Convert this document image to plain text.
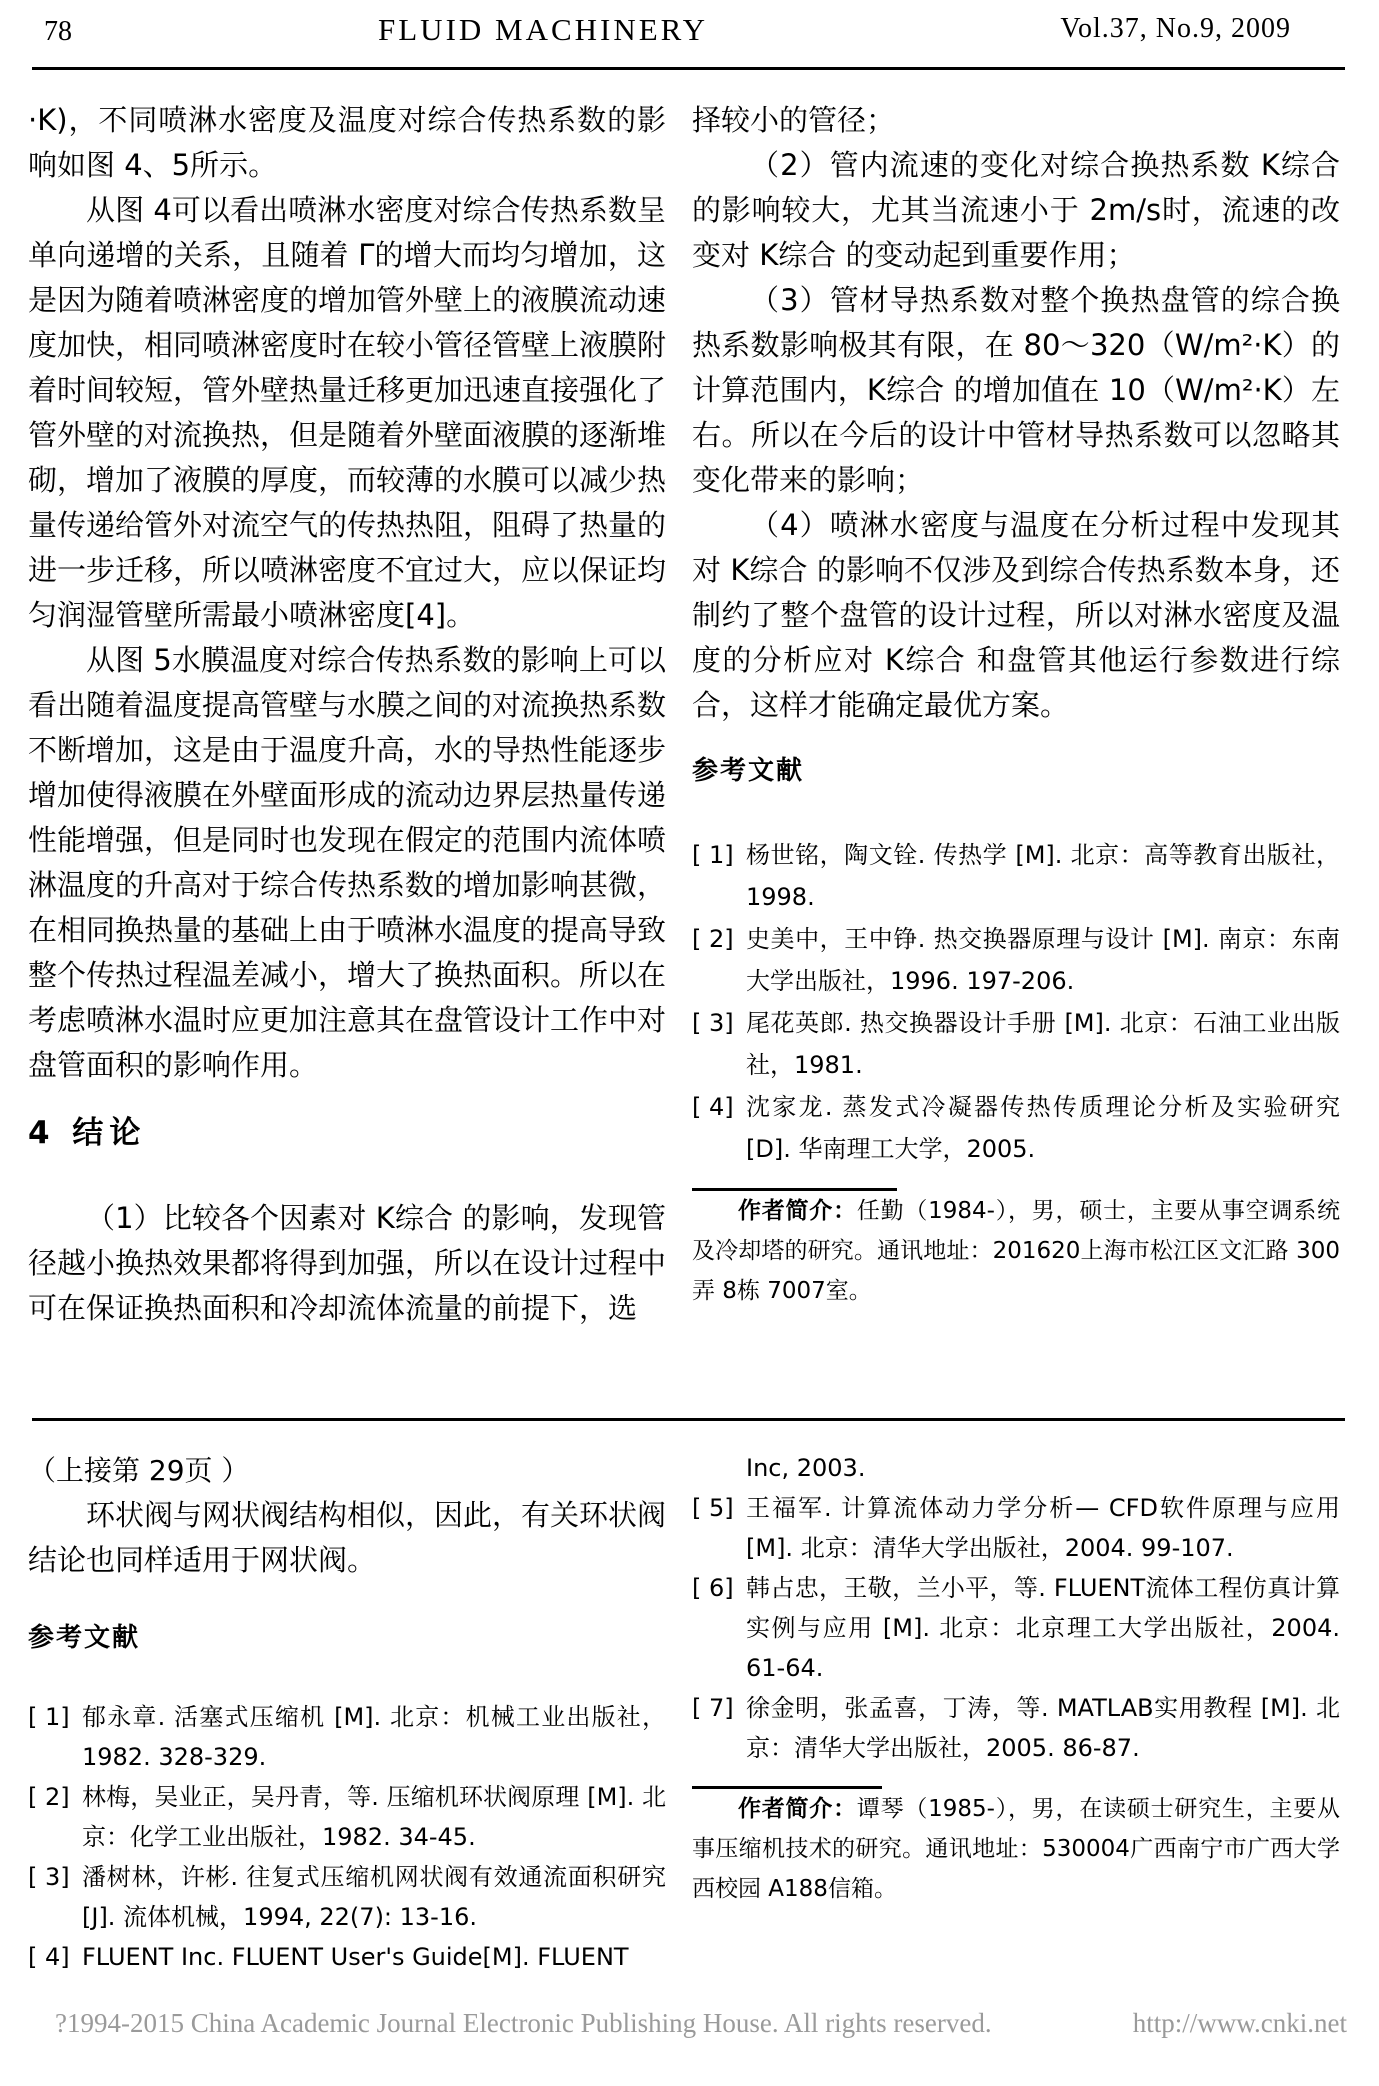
78	FLUID MACHINERY	Vol.37, No.9, 2009

·K)，不同喷淋水密度及温度对综合传热系数的影响如图 4、5所示。

从图 4可以看出喷淋水密度对综合传热系数呈单向递增的关系，且随着 Γ的增大而均匀增加，这是因为随着喷淋密度的增加管外壁上的液膜流动速度加快，相同喷淋密度时在较小管径管壁上液膜附着时间较短，管外壁热量迁移更加迅速直接强化了管外壁的对流换热，但是随着外壁面液膜的逐渐堆砌，增加了液膜的厚度，而较薄的水膜可以减少热量传递给管外对流空气的传热热阻，阻碍了热量的进一步迁移，所以喷淋密度不宜过大，应以保证均匀润湿管壁所需最小喷淋密度[4]。

从图 5水膜温度对综合传热系数的影响上可以看出随着温度提高管壁与水膜之间的对流换热系数不断增加，这是由于温度升高，水的导热性能逐步增加使得液膜在外壁面形成的流动边界层热量传递性能增强，但是同时也发现在假定的范围内流体喷淋温度的升高对于综合传热系数的增加影响甚微，在相同换热量的基础上由于喷淋水温度的提高导致整个传热过程温差减小，增大了换热面积。所以在考虑喷淋水温时应更加注意其在盘管设计工作中对盘管面积的影响作用。

4 结论

（1）比较各个因素对 K综合 的影响，发现管径越小换热效果都将得到加强，所以在设计过程中可在保证换热面积和冷却流体流量的前提下，选

择较小的管径；

（2）管内流速的变化对综合换热系数 K综合 的影响较大，尤其当流速小于 2m/s时，流速的改变对 K综合 的变动起到重要作用；

（3）管材导热系数对整个换热盘管的综合换热系数影响极其有限，在 80～320（W/m²·K）的计算范围内，K综合 的增加值在 10（W/m²·K）左右。所以在今后的设计中管材导热系数可以忽略其变化带来的影响；

（4）喷淋水密度与温度在分析过程中发现其对 K综合 的影响不仅涉及到综合传热系数本身，还制约了整个盘管的设计过程，所以对淋水密度及温度的分析应对 K综合 和盘管其他运行参数进行综合，这样才能确定最优方案。

参考文献
[ 1] 杨世铭，陶文铨. 传热学 [M]. 北京：高等教育出版社，1998.
[ 2] 史美中，王中铮. 热交换器原理与设计 [M]. 南京：东南大学出版社，1996. 197-206.
[ 3] 尾花英郎. 热交换器设计手册 [M]. 北京：石油工业出版社，1981.
[ 4] 沈家龙. 蒸发式冷凝器传热传质理论分析及实验研究 [D]. 华南理工大学，2005.

作者简介：任勤（1984-），男，硕士，主要从事空调系统及冷却塔的研究。通讯地址：201620上海市松江区文汇路 300弄 8栋 7007室。

（上接第 29页 ）

环状阀与网状阀结构相似，因此，有关环状阀结论也同样适用于网状阀。

参考文献
[ 1] 郁永章. 活塞式压缩机 [M]. 北京：机械工业出版社，1982. 328-329.
[ 2] 林梅，吴业正，吴丹青，等. 压缩机环状阀原理 [M]. 北京：化学工业出版社，1982. 34-45.
[ 3] 潘树林，许彬. 往复式压缩机网状阀有效通流面积研究 [J]. 流体机械，1994, 22(7): 13-16.
[ 4] FLUENT Inc. FLUENT User's Guide[M]. FLUENT

Inc, 2003.

[ 5] 王福军. 计算流体动力学分析— CFD软件原理与应用 [M]. 北京：清华大学出版社，2004. 99-107.
[ 6] 韩占忠，王敬，兰小平，等. FLUENT流体工程仿真计算实例与应用 [M]. 北京：北京理工大学出版社，2004. 61-64.
[ 7] 徐金明，张孟喜，丁涛，等. MATLAB实用教程 [M]. 北京：清华大学出版社，2005. 86-87.

作者简介：谭琴（1985-），男，在读硕士研究生，主要从事压缩机技术的研究。通讯地址：530004广西南宁市广西大学西校园 A188信箱。

?1994-2015 China Academic Journal Electronic Publishing House. All rights reserved.	http://www.cnki.net
